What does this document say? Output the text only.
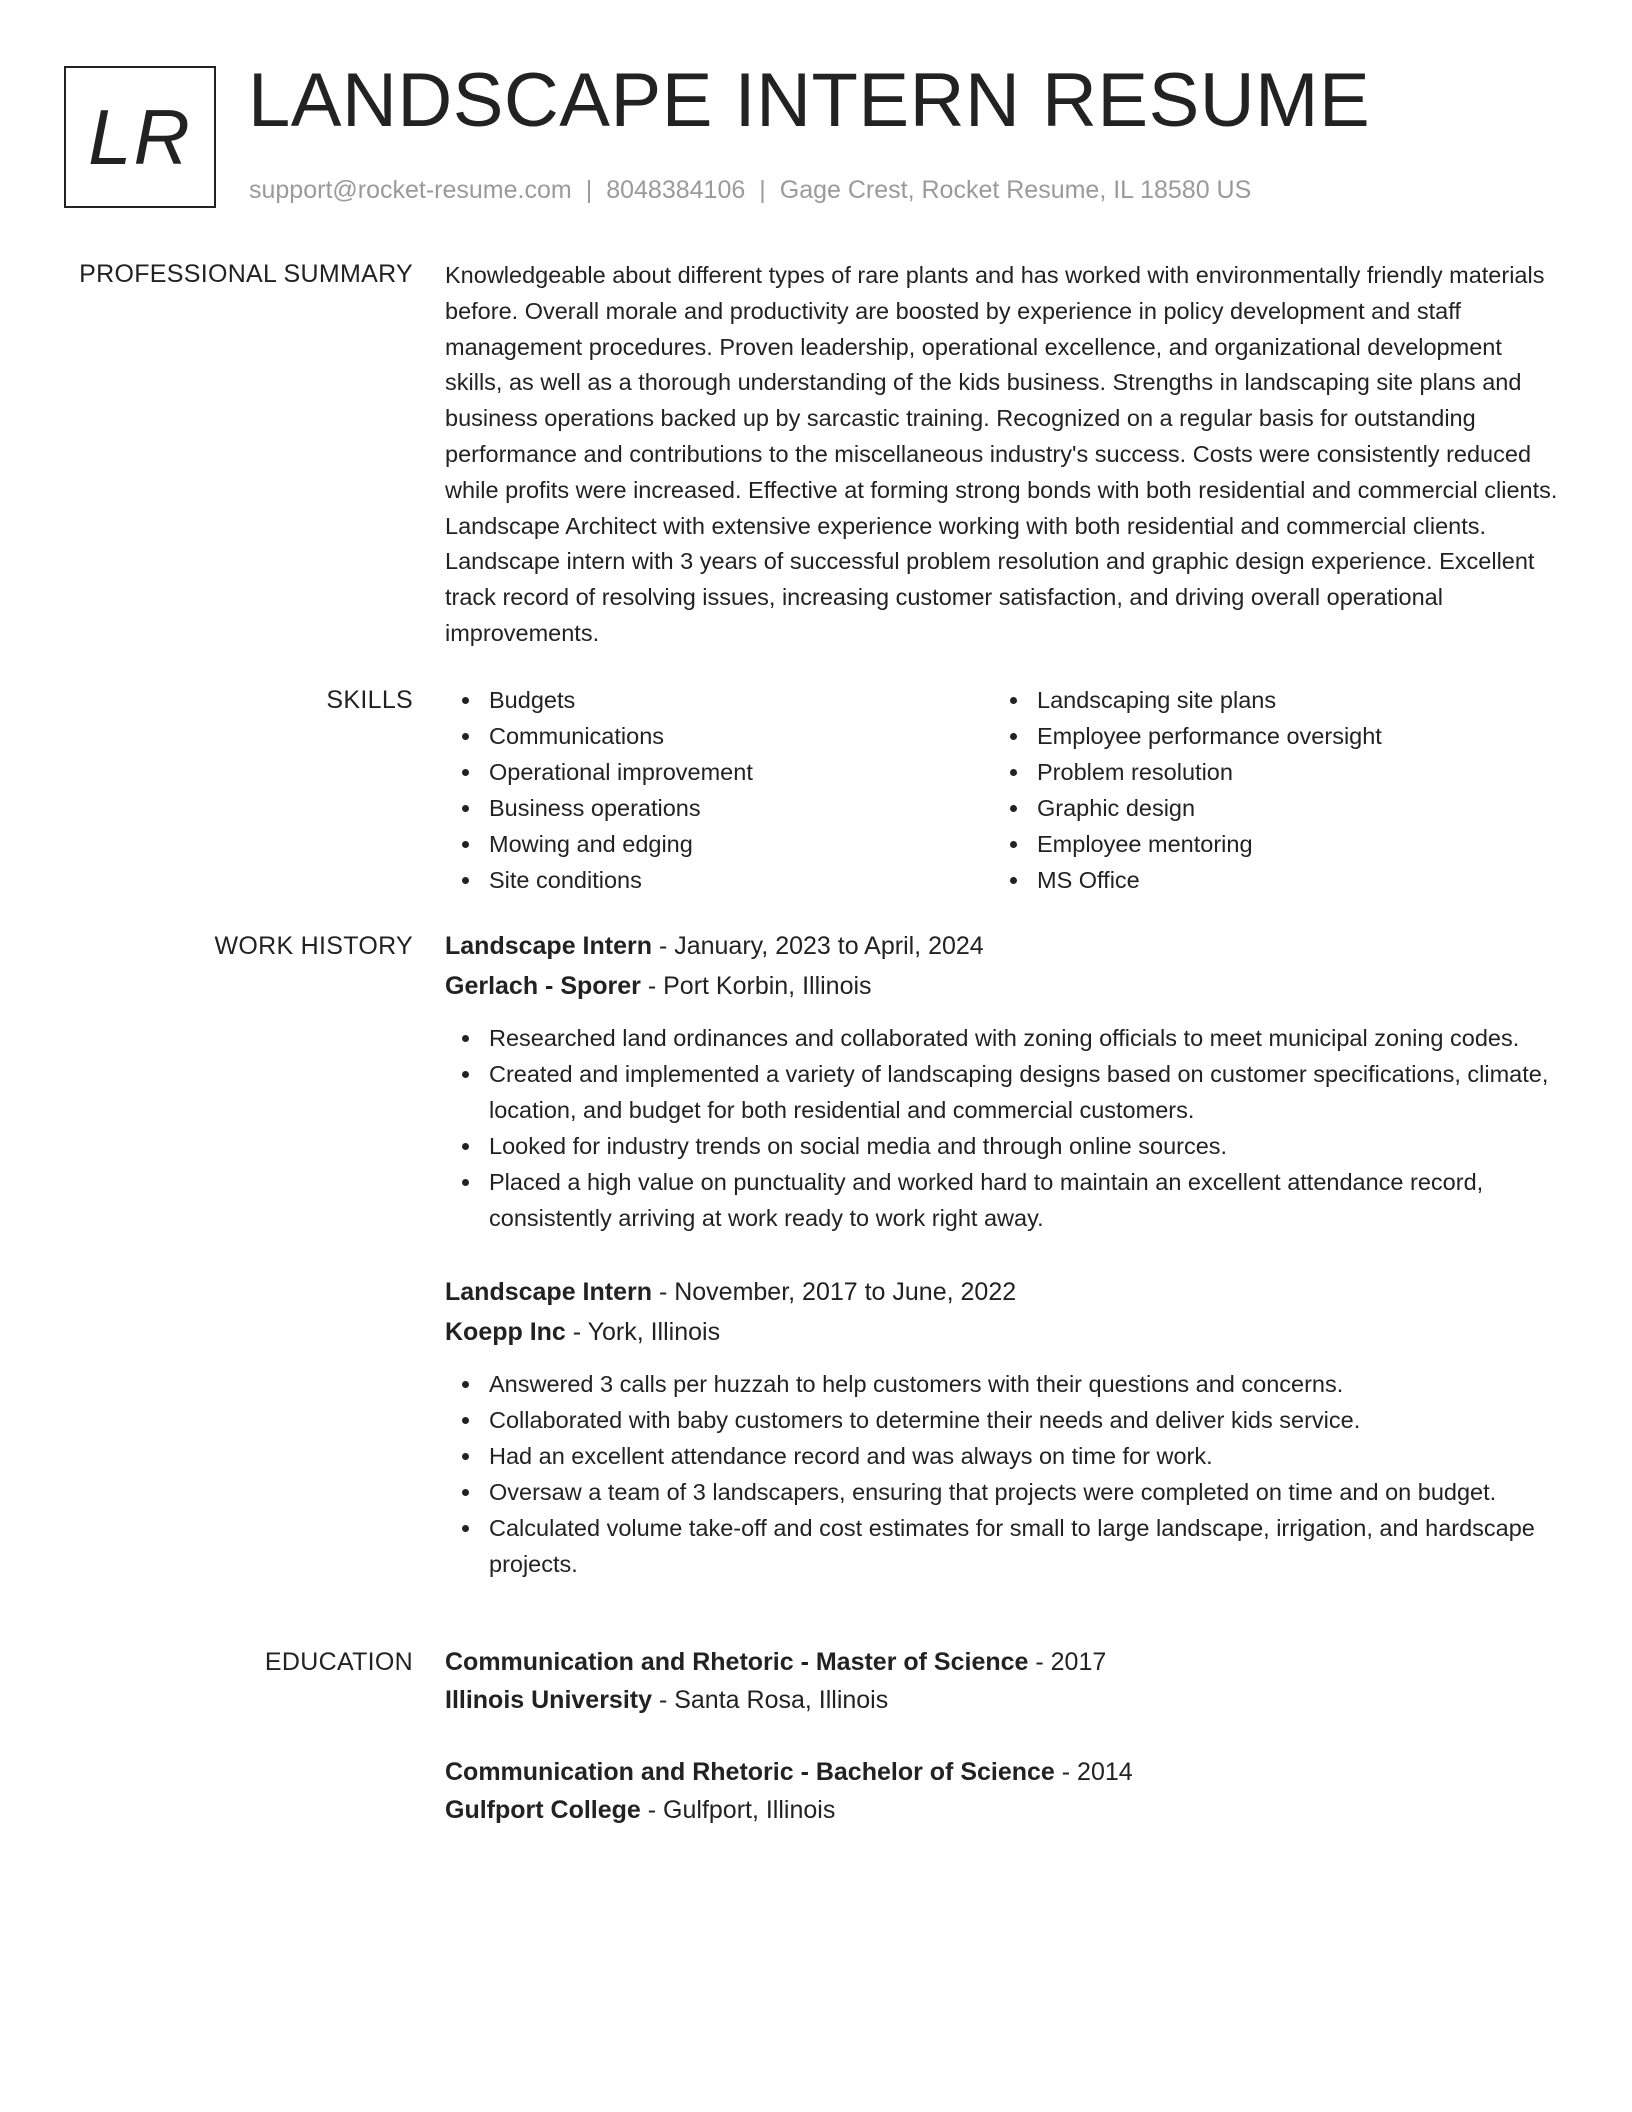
LR LANDSCAPE INTERN RESUME
support@rocket-resume.com | 8048384106 | Gage Crest, Rocket Resume, IL 18580 US
PROFESSIONAL SUMMARY Knowledgeable about different types of rare plants and has worked with environmentally friendly materials before. Overall morale and productivity are boosted by experience in policy development and staff management procedures. Proven leadership, operational excellence, and organizational development skills, as well as a thorough understanding of the kids business. Strengths in landscaping site plans and business operations backed up by sarcastic training. Recognized on a regular basis for outstanding performance and contributions to the miscellaneous industry's success. Costs were consistently reduced while profits were increased. Effective at forming strong bonds with both residential and commercial clients. Landscape Architect with extensive experience working with both residential and commercial clients. Landscape intern with 3 years of successful problem resolution and graphic design experience. Excellent track record of resolving issues, increasing customer satisfaction, and driving overall operational improvements.
SKILLS	Budgets
Communications
Operational improvement
Business operations
Mowing and edging
Site conditions
Landscaping site plans
Employee performance oversight
Problem resolution
Graphic design
Employee mentoring
MS Office
WORK HISTORY Landscape Intern - January, 2023 to April, 2024
Gerlach - Sporer - Port Korbin, Illinois
Researched land ordinances and collaborated with zoning officials to meet municipal zoning codes.
Created and implemented a variety of landscaping designs based on customer specifications, climate, location, and budget for both residential and commercial customers.
Looked for industry trends on social media and through online sources.
Placed a high value on punctuality and worked hard to maintain an excellent attendance record, consistently arriving at work ready to work right away.
Landscape Intern - November, 2017 to June, 2022
Koepp Inc - York, Illinois
Answered 3 calls per huzzah to help customers with their questions and concerns.
Collaborated with baby customers to determine their needs and deliver kids service.
Had an excellent attendance record and was always on time for work.
Oversaw a team of 3 landscapers, ensuring that projects were completed on time and on budget.
Calculated volume take-off and cost estimates for small to large landscape, irrigation, and hardscape projects.
EDUCATION Communication and Rhetoric - Master of Science - 2017
Illinois University - Santa Rosa, Illinois
Communication and Rhetoric - Bachelor of Science - 2014
Gulfport College - Gulfport, Illinois
